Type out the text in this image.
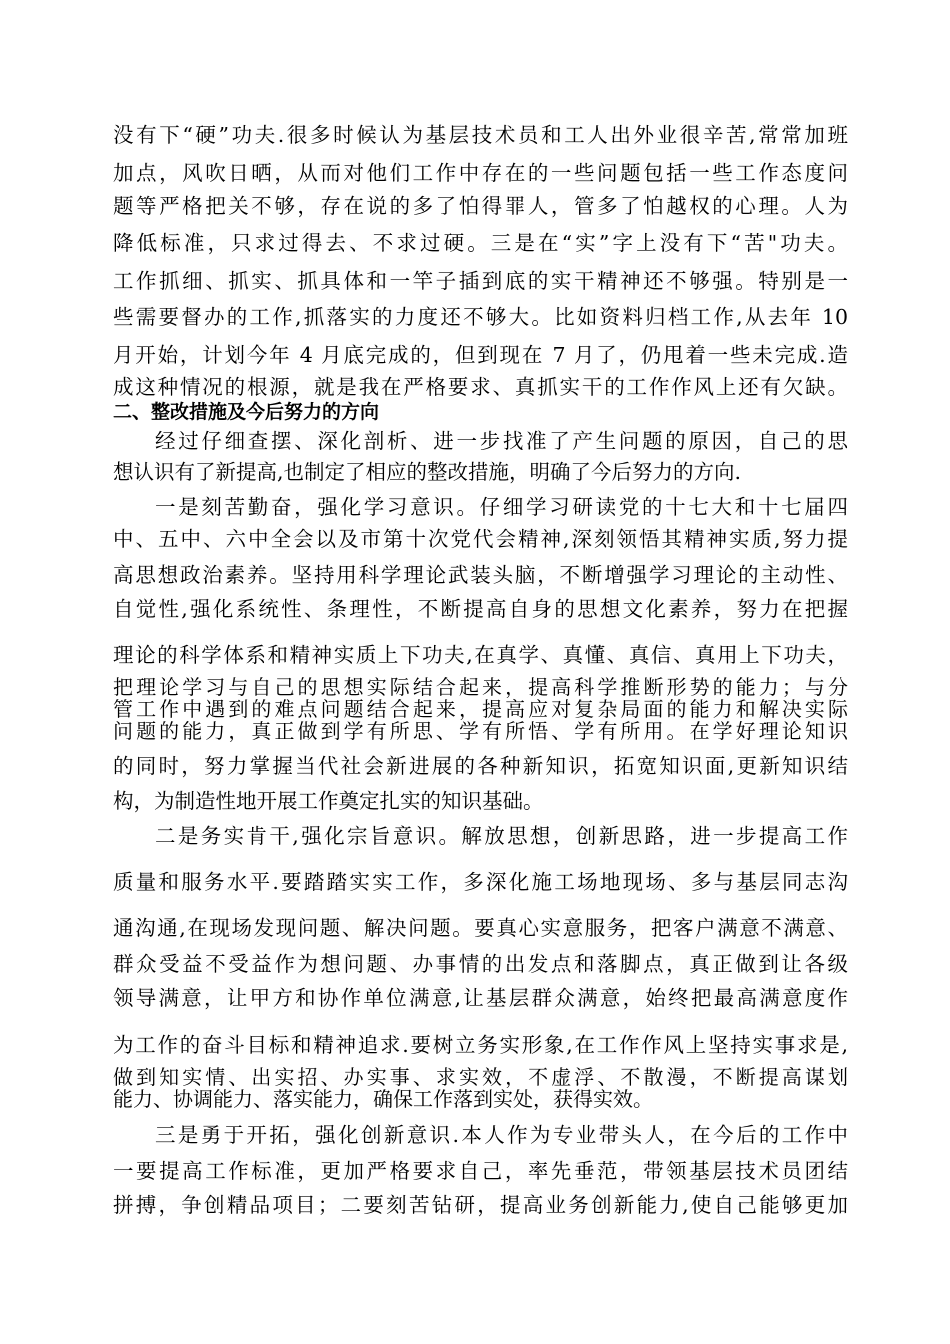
没有下“硬”功夫.很多时候认为基层技术员和工人出外业很辛苦,常常加班
加点，风吹日晒，从而对他们工作中存在的一些问题包括一些工作态度问
题等严格把关不够，存在说的多了怕得罪人，管多了怕越权的心理。人为
降低标准，只求过得去、不求过硬。三是在“实”字上没有下“苦"功夫。
工作抓细、抓实、抓具体和一竿子插到底的实干精神还不够强。特别是一
些需要督办的工作,抓落实的力度还不够大。比如资料归档工作,从去年 10
月开始，计划今年 4 月底完成的，但到现在 7 月了，仍甩着一些未完成.造
成这种情况的根源，就是我在严格要求、真抓实干的工作作风上还有欠缺。
二、整改措施及今后努力的方向
经过仔细查摆、深化剖析、进一步找准了产生问题的原因，自己的思
想认识有了新提高,也制定了相应的整改措施，明确了今后努力的方向.
一是刻苦勤奋，强化学习意识。仔细学习研读党的十七大和十七届四
中、五中、六中全会以及市第十次党代会精神,深刻领悟其精神实质,努力提
高思想政治素养。坚持用科学理论武装头脑，不断增强学习理论的主动性、
自觉性,强化系统性、条理性，不断提高自身的思想文化素养，努力在把握
理论的科学体系和精神实质上下功夫,在真学、真懂、真信、真用上下功夫，
把理论学习与自己的思想实际结合起来，提高科学推断形势的能力；与分
管工作中遇到的难点问题结合起来，提高应对复杂局面的能力和解决实际
问题的能力，真正做到学有所思、学有所悟、学有所用。在学好理论知识
的同时，努力掌握当代社会新进展的各种新知识，拓宽知识面,更新知识结
构，为制造性地开展工作奠定扎实的知识基础。
二是务实肯干,强化宗旨意识。解放思想，创新思路，进一步提高工作
质量和服务水平.要踏踏实实工作，多深化施工场地现场、多与基层同志沟
通沟通,在现场发现问题、解决问题。要真心实意服务，把客户满意不满意、
群众受益不受益作为想问题、办事情的出发点和落脚点，真正做到让各级
领导满意，让甲方和协作单位满意,让基层群众满意，始终把最高满意度作
为工作的奋斗目标和精神追求.要树立务实形象,在工作作风上坚持实事求是,
做到知实情、出实招、办实事、求实效，不虚浮、不散漫，不断提高谋划
能力、协调能力、落实能力，确保工作落到实处，获得实效。
三是勇于开拓，强化创新意识.本人作为专业带头人，在今后的工作中
一要提高工作标准，更加严格要求自己，率先垂范，带领基层技术员团结
拼搏，争创精品项目；二要刻苦钻研，提高业务创新能力,使自己能够更加
